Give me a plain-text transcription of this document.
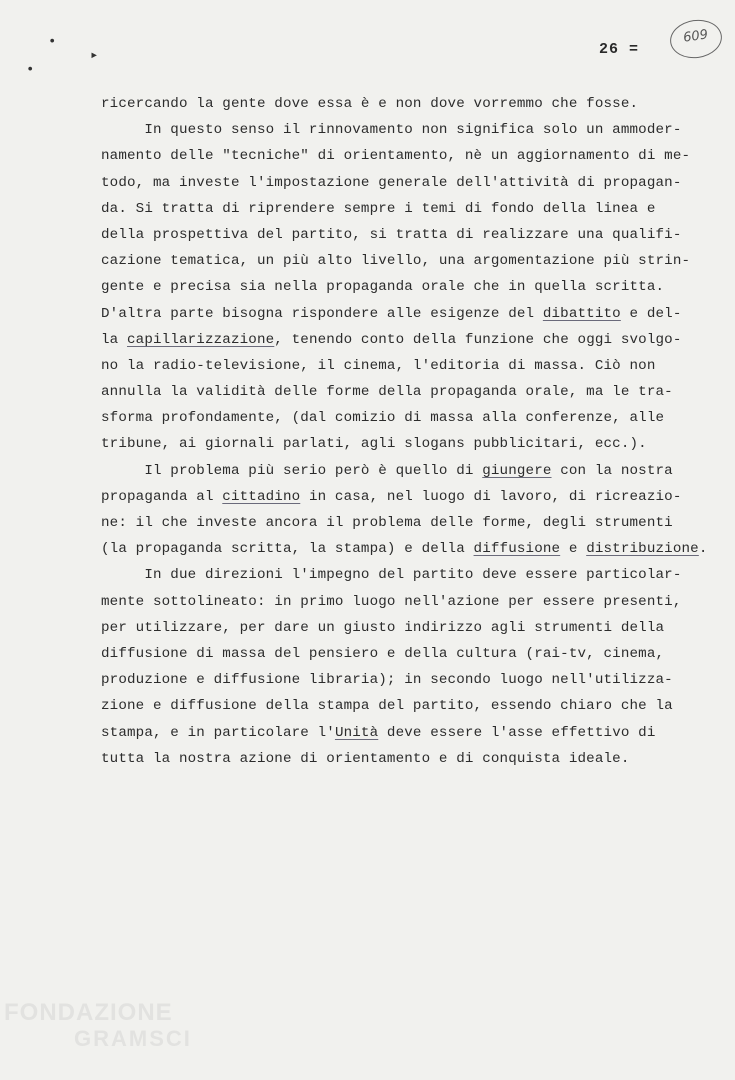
•
•
▸	26 =
609
ricercando la gente dove essa è e non dove vorremmo che fosse.
In questo senso il rinnovamento non significa solo un ammoder-
namento delle "tecniche" di orientamento, nè un aggiornamento di me-
todo, ma investe l'impostazione generale dell'attività di propagan-
da. Si tratta di riprendere sempre i temi di fondo della linea e
della prospettiva del partito, si tratta di realizzare una qualifi-
cazione tematica, un più alto livello, una argomentazione più strin-
gente e precisa sia nella propaganda orale che in quella scritta.
D'altra parte bisogna rispondere alle esigenze del dibattito e del-
la capillarizzazione, tenendo conto della funzione che oggi svolgo-
no la radio-televisione, il cinema, l'editoria di massa. Ciò non
annulla la validità delle forme della propaganda orale, ma le tra-
sforma profondamente, (dal comizio di massa alla conferenze, alle
tribune, ai giornali parlati, agli slogans pubblicitari, ecc.).
Il problema più serio però è quello di giungere con la nostra
propaganda al cittadino in casa, nel luogo di lavoro, di ricreazio-
ne: il che investe ancora il problema delle forme, degli strumenti
(la propaganda scritta, la stampa) e della diffusione e distribuzione.
In due direzioni l'impegno del partito deve essere particolar-
mente sottolineato: in primo luogo nell'azione per essere presenti,
per utilizzare, per dare un giusto indirizzo agli strumenti della
diffusione di massa del pensiero e della cultura (rai-tv, cinema,
produzione e diffusione libraria); in secondo luogo nell'utilizza-
zione e diffusione della stampa del partito, essendo chiaro che la
stampa, e in particolare l'Unità deve essere l'asse effettivo di
tutta la nostra azione di orientamento e di conquista ideale.
FONDAZIONE
GRAMSCI
